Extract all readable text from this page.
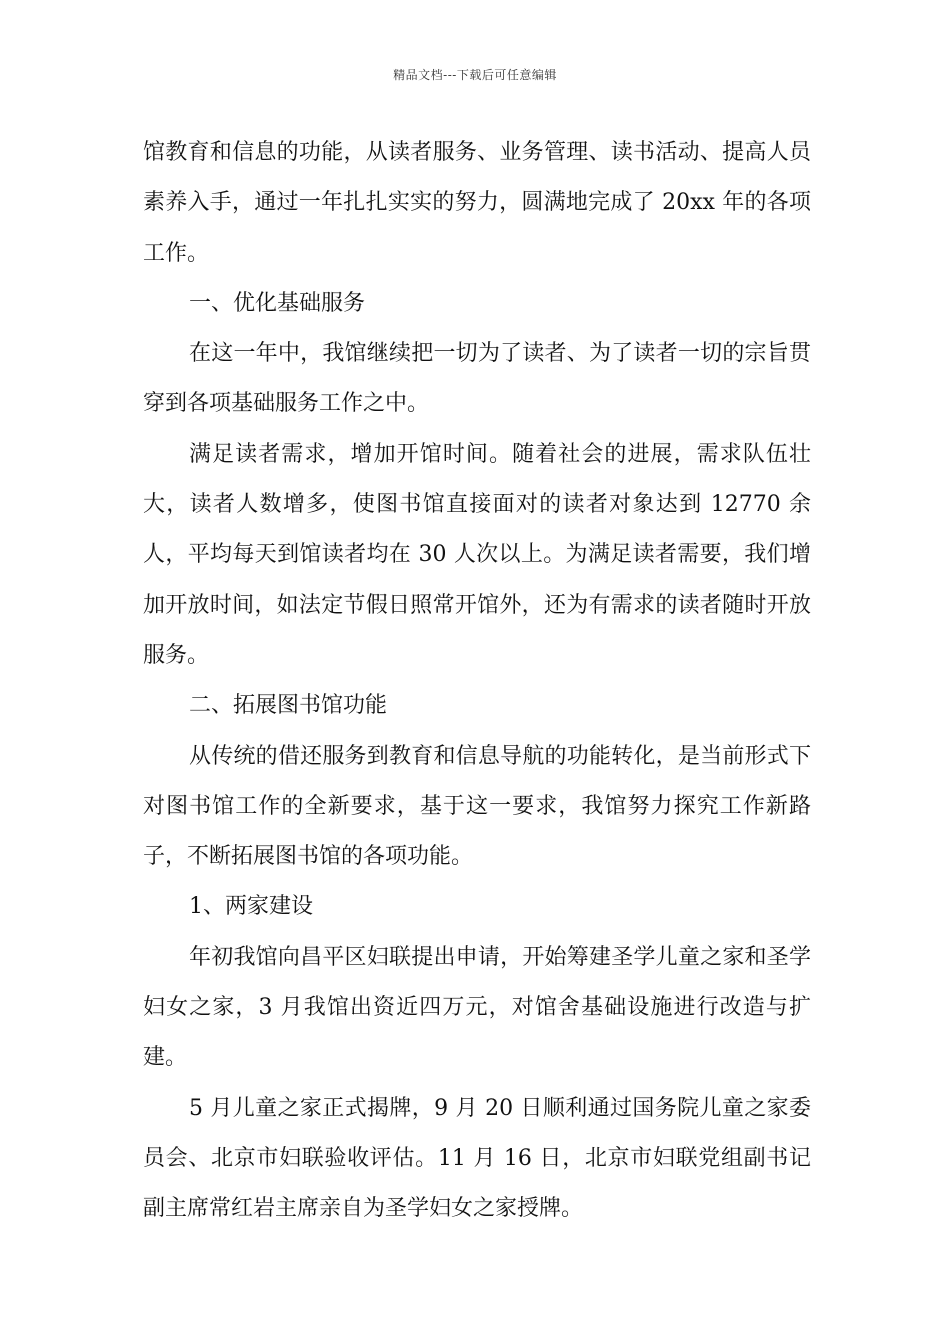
精品文档---下载后可任意编辑

馆教育和信息的功能，从读者服务、业务管理、读书活动、提高人员素养入手，通过一年扎扎实实的努力，圆满地完成了 20xx 年的各项工作。

一、优化基础服务

在这一年中，我馆继续把一切为了读者、为了读者一切的宗旨贯穿到各项基础服务工作之中。

满足读者需求，增加开馆时间。随着社会的进展，需求队伍壮大，读者人数增多，使图书馆直接面对的读者对象达到 12770 余人，平均每天到馆读者均在 30 人次以上。为满足读者需要，我们增加开放时间，如法定节假日照常开馆外，还为有需求的读者随时开放服务。

二、拓展图书馆功能

从传统的借还服务到教育和信息导航的功能转化，是当前形式下对图书馆工作的全新要求，基于这一要求，我馆努力探究工作新路子，不断拓展图书馆的各项功能。

1、两家建设

年初我馆向昌平区妇联提出申请，开始筹建圣学儿童之家和圣学妇女之家，3 月我馆出资近四万元，对馆舍基础设施进行改造与扩建。

5 月儿童之家正式揭牌，9 月 20 日顺利通过国务院儿童之家委员会、北京市妇联验收评估。11 月 16 日，北京市妇联党组副书记副主席常红岩主席亲自为圣学妇女之家授牌。
